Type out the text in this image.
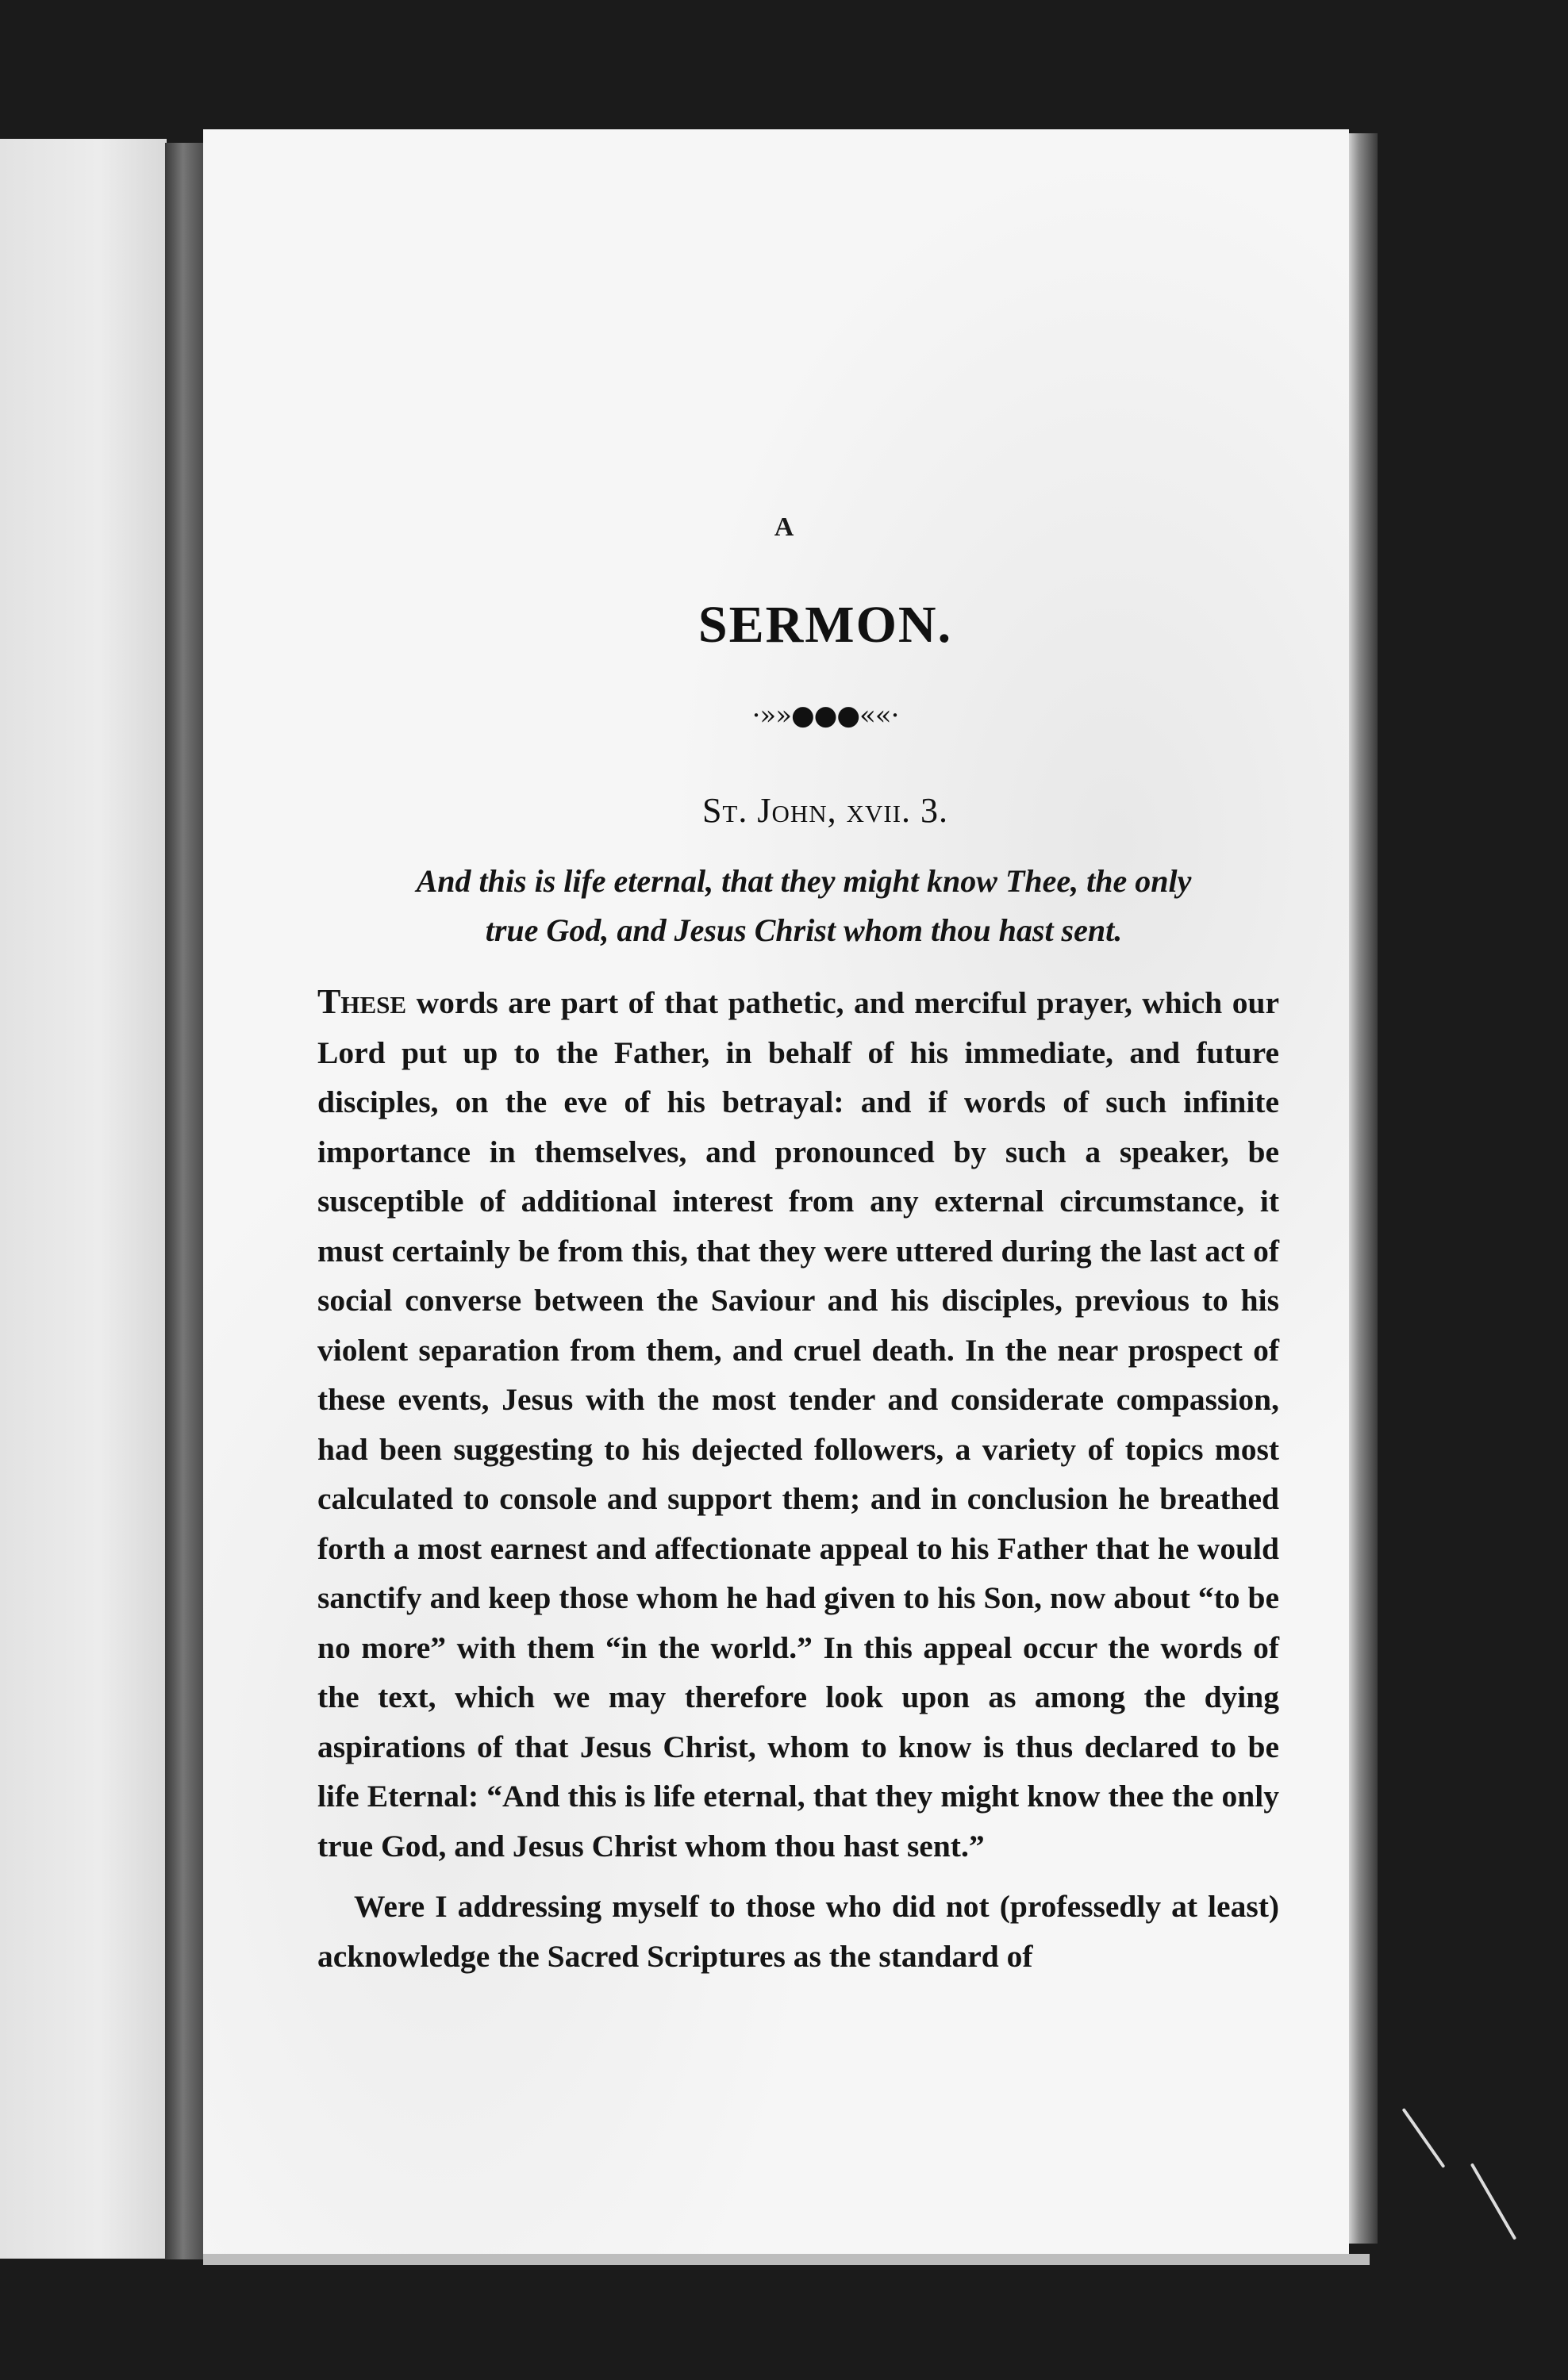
A
SERMON.
·»»●●●««·
St. John, xvii. 3.
And this is life eternal, that they might know Thee, the only
true God, and Jesus Christ whom thou hast sent.

These words are part of that pathetic, and merciful prayer, which our Lord put up to the Father, in behalf of his immediate, and future disciples, on the eve of his betrayal: and if words of such infinite importance in themselves, and pronounced by such a speaker, be susceptible of additional interest from any external circumstance, it must certainly be from this, that they were uttered during the last act of social converse between the Saviour and his disciples, previous to his violent separation from them, and cruel death. In the near prospect of these events, Jesus with the most tender and considerate compassion, had been suggesting to his dejected followers, a variety of topics most calculated to console and support them; and in conclusion he breathed forth a most earnest and affectionate appeal to his Father that he would sanctify and keep those whom he had given to his Son, now about “to be no more” with them “in the world.” In this appeal occur the words of the text, which we may therefore look upon as among the dying aspirations of that Jesus Christ, whom to know is thus declared to be life Eternal: “And this is life eternal, that they might know thee the only true God, and Jesus Christ whom thou hast sent.”

Were I addressing myself to those who did not (professedly at least) acknowledge the Sacred Scriptures as the standard of
